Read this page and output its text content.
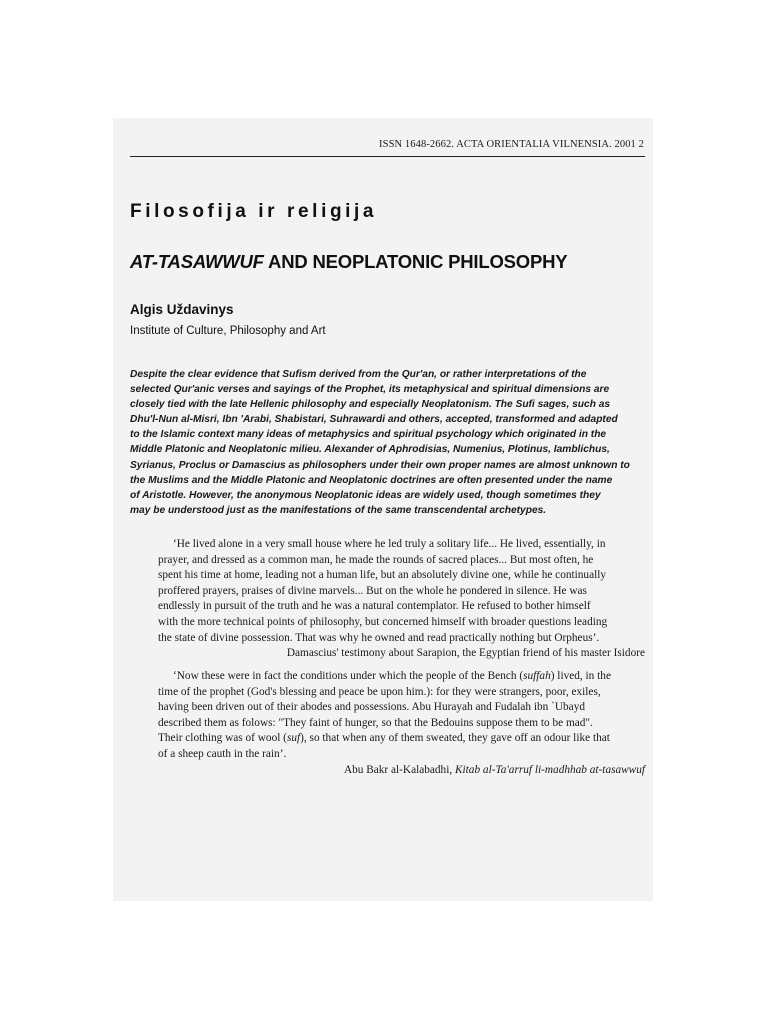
ISSN 1648-2662. ACTA ORIENTALIA VILNENSIA. 2001 2
Filosofija ir religija
AT-TASAWWUF AND NEOPLATONIC PHILOSOPHY
Algis Uždavinys
Institute of Culture, Philosophy and Art
Despite the clear evidence that Sufism derived from the Qur'an, or rather interpretations of the
selected Qur'anic verses and sayings of the Prophet, its metaphysical and spiritual dimensions are
closely tied with the late Hellenic philosophy and especially Neoplatonism. The Sufi sages, such as
Dhu'l-Nun al-Misri, Ibn 'Arabi, Shabistari, Suhrawardi and others, accepted, transformed and adapted
to the Islamic context many ideas of metaphysics and spiritual psychology which originated in the
Middle Platonic and Neoplatonic milieu. Alexander of Aphrodisias, Numenius, Plotinus, Iamblichus,
Syrianus, Proclus or Damascius as philosophers under their own proper names are almost unknown to
the Muslims and the Middle Platonic and Neoplatonic doctrines are often presented under the name
of Aristotle. However, the anonymous Neoplatonic ideas are widely used, though sometimes they
may be understood just as the manifestations of the same transcendental archetypes.
‘He lived alone in a very small house where he led truly a solitary life... He lived, essentially, in
prayer, and dressed as a common man, he made the rounds of sacred places... But most often, he
spent his time at home, leading not a human life, but an absolutely divine one, while he continually
proffered prayers, praises of divine marvels... But on the whole he pondered in silence. He was
endlessly in pursuit of the truth and he was a natural contemplator. He refused to bother himself
with the more technical points of philosophy, but concerned himself with broader questions leading
the state of divine possession. That was why he owned and read practically nothing but Orpheus’.
Damascius' testimony about Sarapion, the Egyptian friend of his master Isidore
‘Now these were in fact the conditions under which the people of the Bench (suffah) lived, in the
time of the prophet (God's blessing and peace be upon him.): for they were strangers, poor, exiles,
having been driven out of their abodes and possessions. Abu Hurayah and Fudalah ibn `Ubayd
described them as folows: "They faint of hunger, so that the Bedouins suppose them to be mad".
Their clothing was of wool (suf), so that when any of them sweated, they gave off an odour like that
of a sheep cauth in the rain’.
Abu Bakr al-Kalabadhi, Kitab al-Ta'arruf li-madhhab at-tasawwuf
